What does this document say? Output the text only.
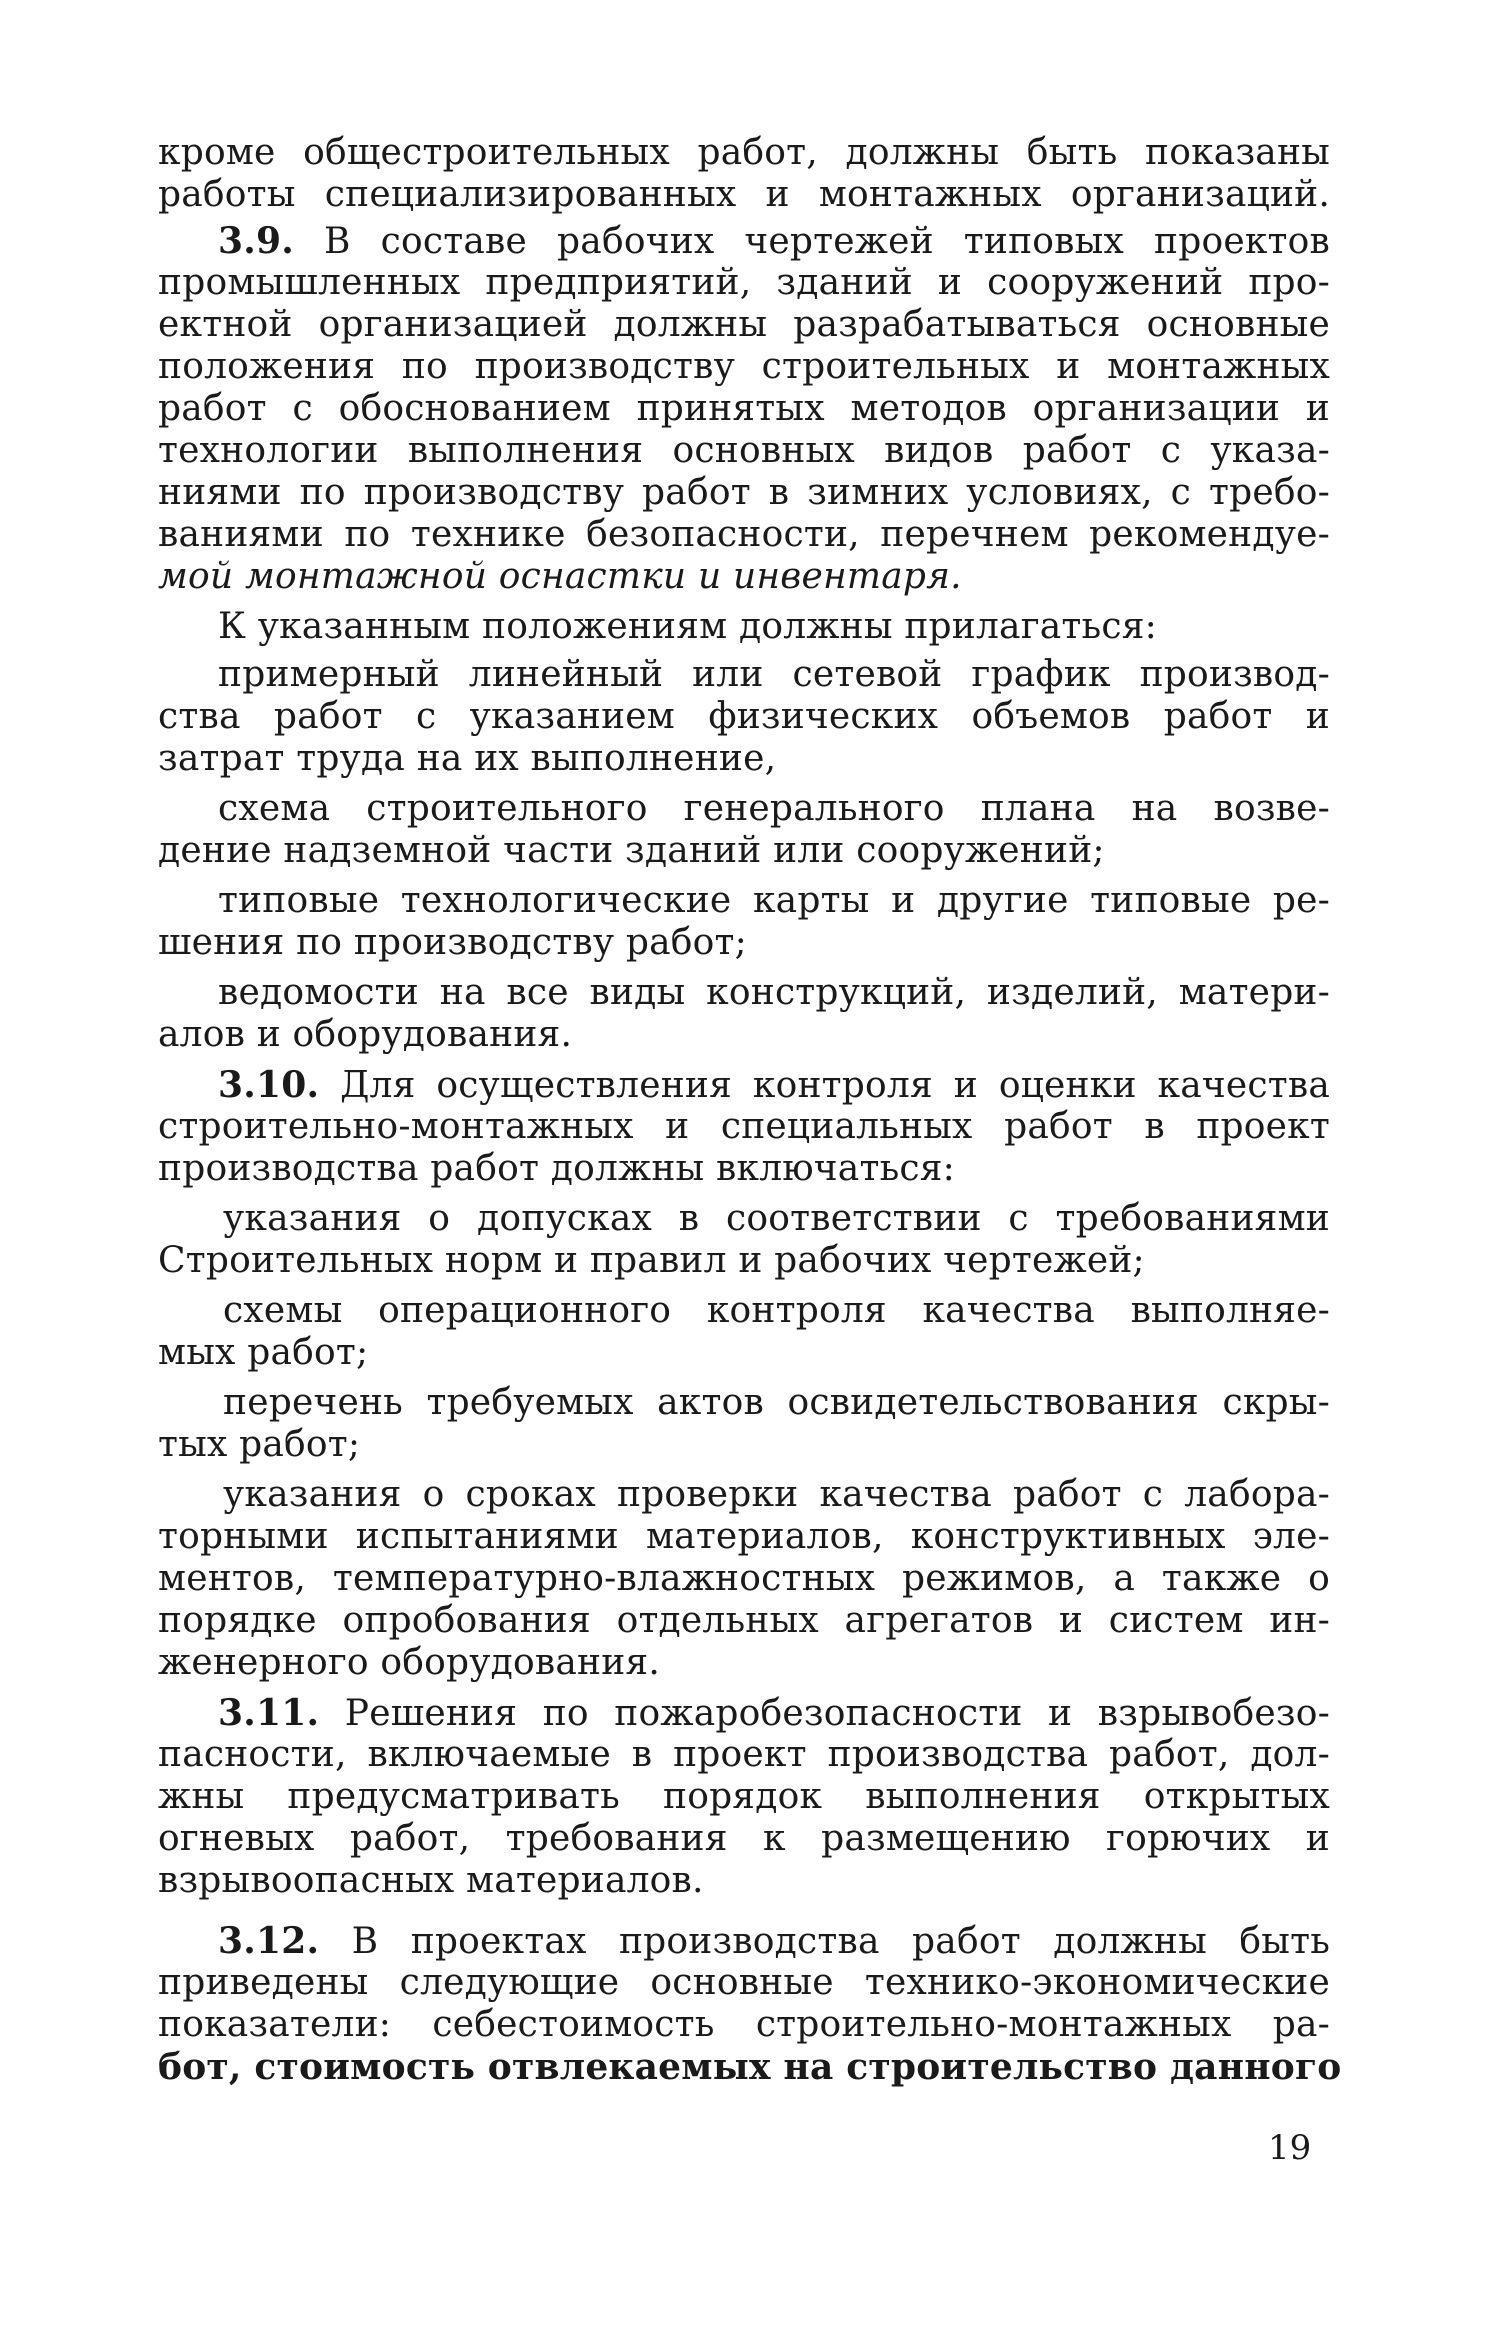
кроме общестроительных работ, должны быть показаны
работы специализированных и монтажных организаций.
3.9. В составе рабочих чертежей типовых проектов
промышленных предприятий, зданий и сооружений про-
ектной организацией должны разрабатываться основные
положения по производству строительных и монтажных
работ с обоснованием принятых методов организации и
технологии выполнения основных видов работ с указа-
ниями по производству работ в зимних условиях, с требо-
ваниями по технике безопасности, перечнем рекомендуе-
мой монтажной оснастки и инвентаря.
К указанным положениям должны прилагаться:
примерный линейный или сетевой график производ-
ства работ с указанием физических объемов работ и
затрат труда на их выполнение,
схема строительного генерального плана на возве-
дение надземной части зданий или сооружений;
типовые технологические карты и другие типовые ре-
шения по производству работ;
ведомости на все виды конструкций, изделий, матери-
алов и оборудования.
3.10. Для осуществления контроля и оценки качества
строительно-монтажных и специальных работ в проект
производства работ должны включаться:
указания о допусках в соответствии с требованиями
Строительных норм и правил и рабочих чертежей;
схемы операционного контроля качества выполняе-
мых работ;
перечень требуемых актов освидетельствования скры-
тых работ;
указания о сроках проверки качества работ с лабора-
торными испытаниями материалов, конструктивных эле-
ментов, температурно-влажностных режимов, а также о
порядке опробования отдельных агрегатов и систем ин-
женерного оборудования.
3.11. Решения по пожаробезопасности и взрывобезо-
пасности, включаемые в проект производства работ, дол-
жны предусматривать порядок выполнения открытых
огневых работ, требования к размещению горючих и
взрывоопасных материалов.
3.12. В проектах производства работ должны быть
приведены следующие основные технико-экономические
показатели: себестоимость строительно-монтажных ра-
бот, стоимость отвлекаемых на строительство данного
19
